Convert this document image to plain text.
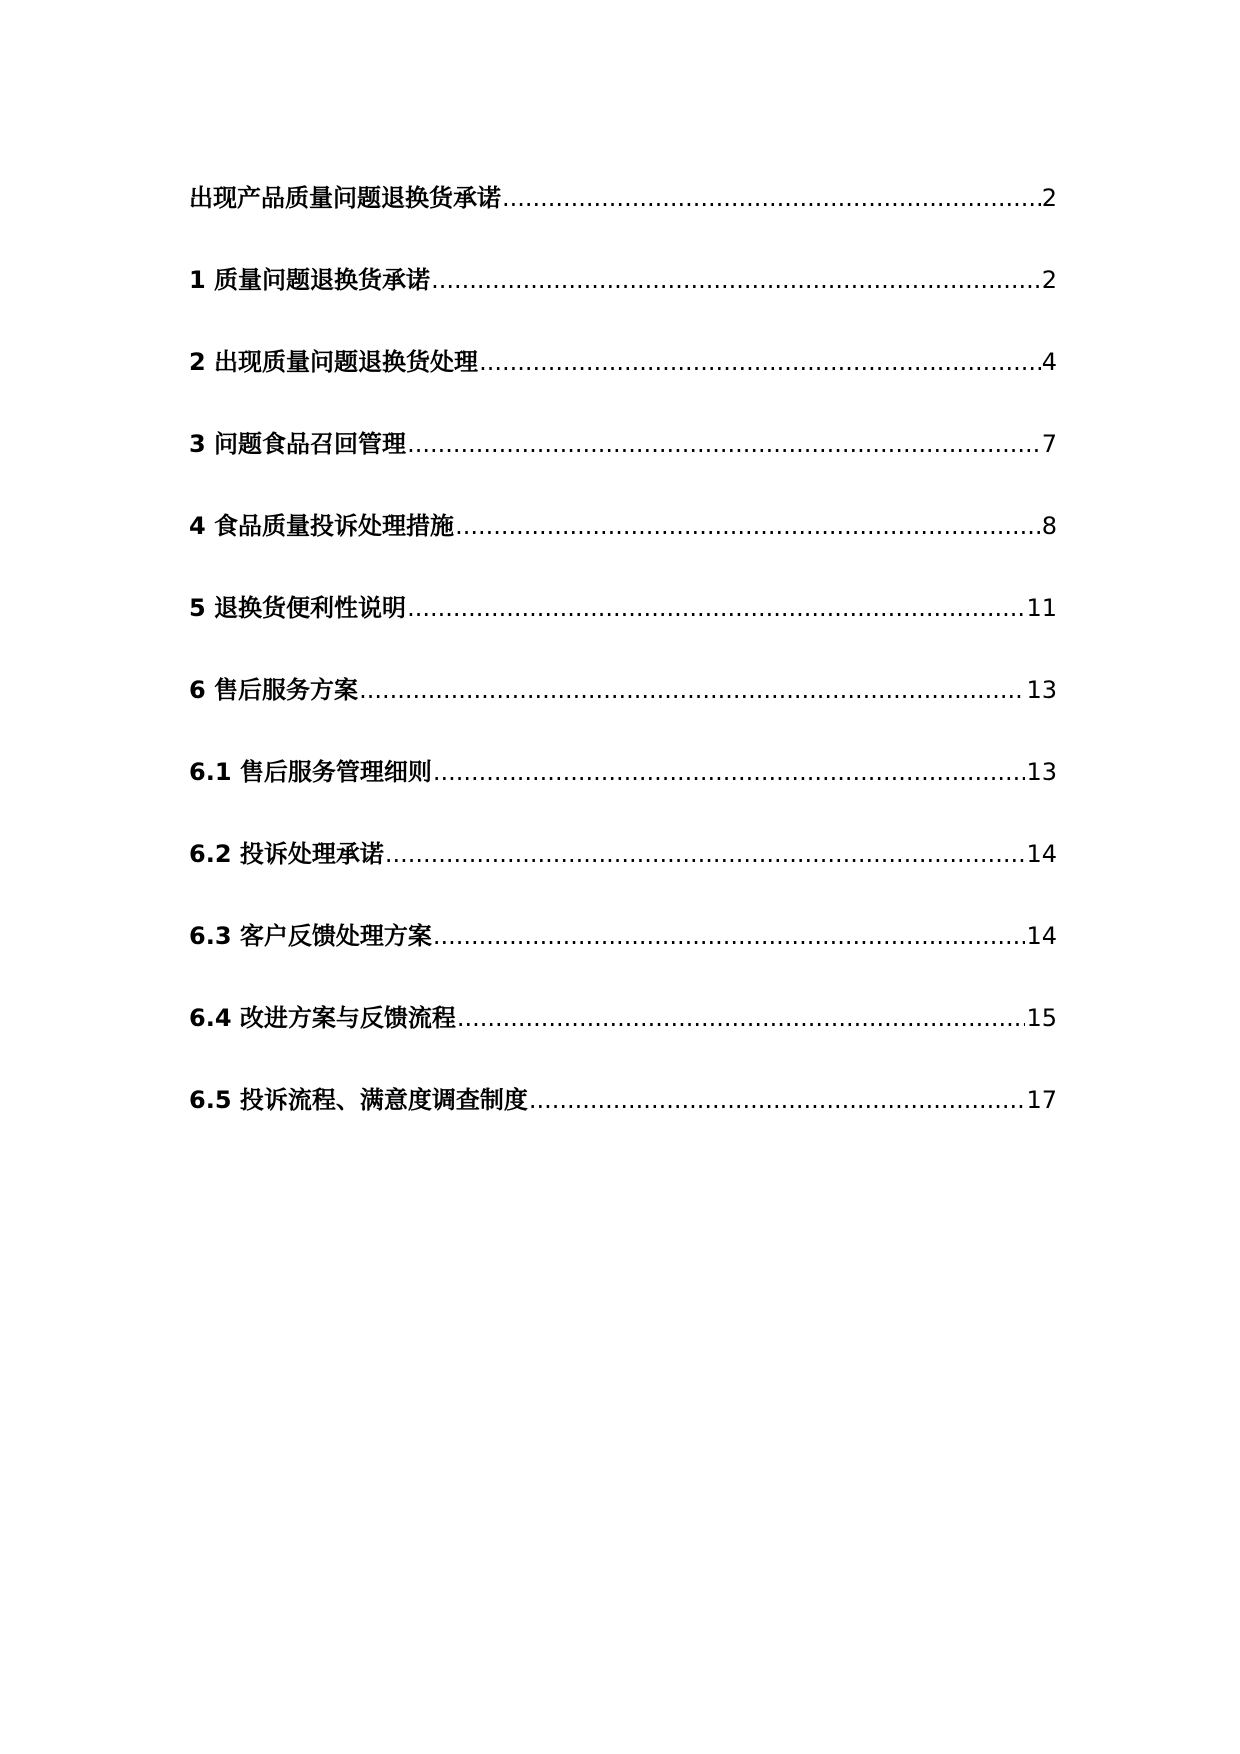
出现产品质量问题退换货承诺 .....	2
1 质量问题退换货承诺 .....	2
2 出现质量问题退换货处理 .....	4
3 问题食品召回管理 .....	7
4 食品质量投诉处理措施 .....	8
5 退换货便利性说明 .....	11
6 售后服务方案 .....	13
6.1 售后服务管理细则 .....	13
6.2 投诉处理承诺 .....	14
6.3 客户反馈处理方案 .....	14
6.4 改进方案与反馈流程 .....	15
6.5 投诉流程、满意度调查制度 .....	17
